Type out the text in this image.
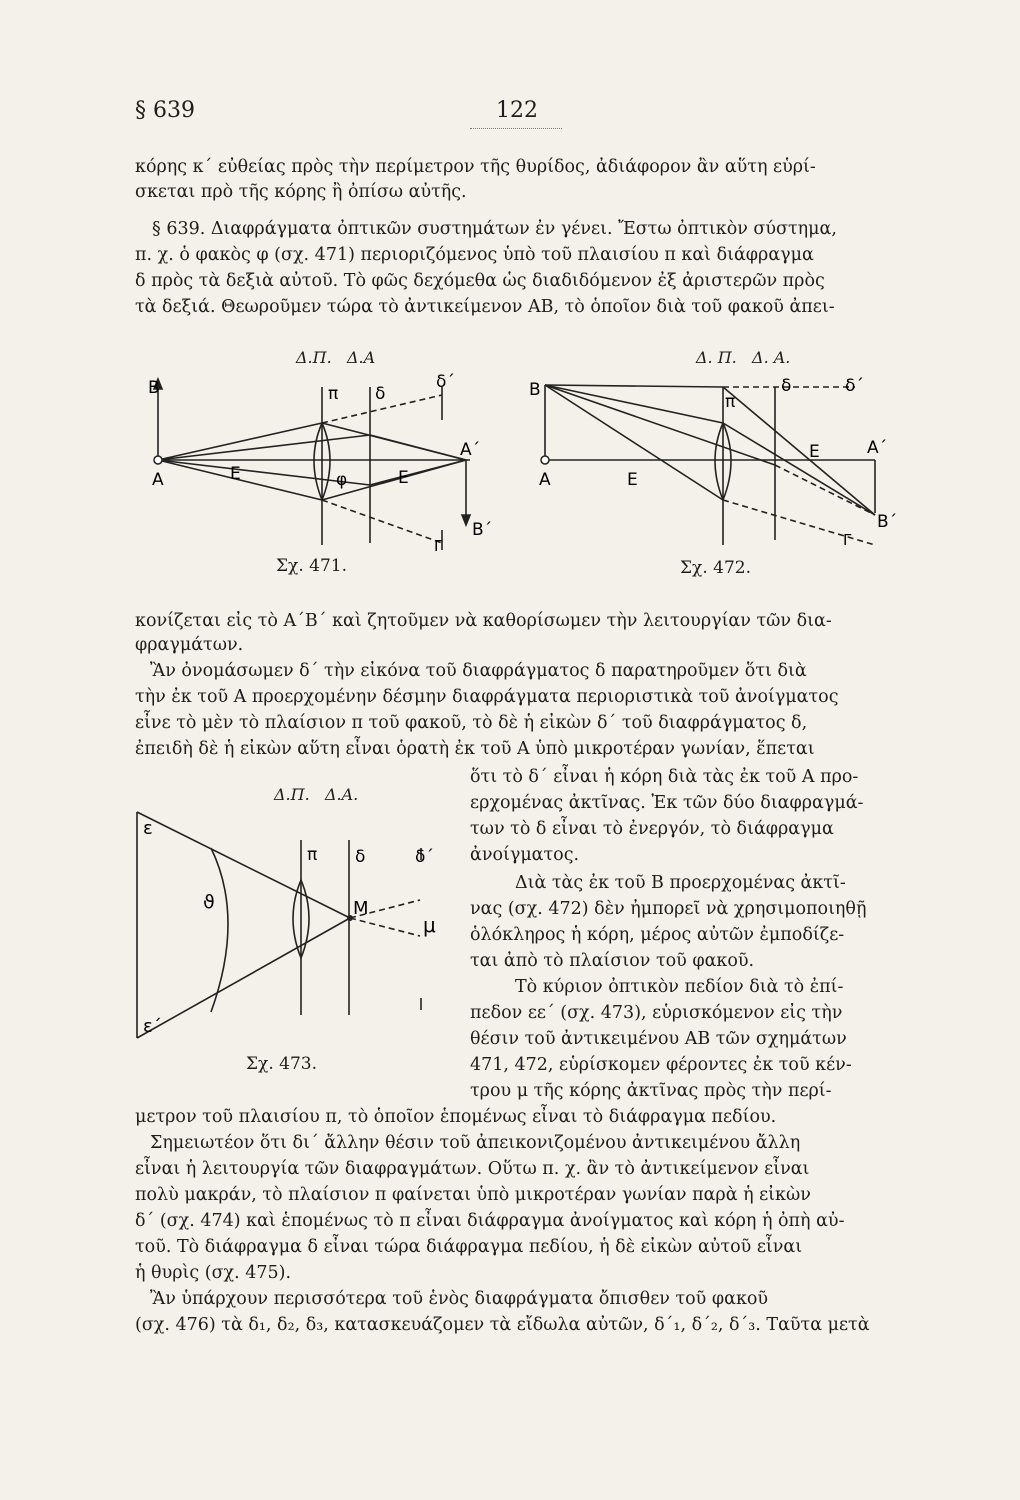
§ 639	122
κόρης κ΄ εὐθείας πρὸς τὴν περίμετρον τῆς θυρίδος, ἀδιάφορον ἂν αὕτη εὑρί-
σκεται πρὸ τῆς κόρης ἢ ὀπίσω αὐτῆς.
§ 639. Διαφράγματα ὀπτικῶν συστημάτων ἐν γένει. Ἔστω ὀπτικὸν σύστημα,
π. χ. ὁ φακὸς φ (σχ. 471) περιοριζόμενος ὑπὸ τοῦ πλαισίου π καὶ διάφραγμα
δ πρὸς τὰ δεξιὰ αὐτοῦ. Τὸ φῶς δεχόμεθα ὡς διαδιδόμενον ἐξ ἀριστερῶν πρὸς
τὰ δεξιά. Θεωροῦμεν τώρα τὸ ἀντικείμενον ΑΒ, τὸ ὁποῖον διὰ τοῦ φακοῦ ἀπει-
Δ.Π.   Δ.Α
B
A	E	E
π δ
δ΄
φ
A΄
B΄
Γ
Σχ. 471.
Δ. Π.   Δ. Α.
B
A	E
E
π
δ	δ΄
A΄
B΄
Γ
Σχ. 472.
κονίζεται εἰς τὸ Α΄Β΄ καὶ ζητοῦμεν νὰ καθορίσωμεν τὴν λειτουργίαν τῶν δια-
φραγμάτων.
Ἂν ὀνομάσωμεν δ΄ τὴν εἰκόνα τοῦ διαφράγματος δ παρατηροῦμεν ὅτι διὰ
τὴν ἐκ τοῦ Α προερχομένην δέσμην διαφράγματα περιοριστικὰ τοῦ ἀνοίγματος
εἶνε τὸ μὲν τὸ πλαίσιον π τοῦ φακοῦ, τὸ δὲ ἡ εἰκὼν δ΄ τοῦ διαφράγματος δ,
ἐπειδὴ δὲ ἡ εἰκὼν αὕτη εἶναι ὁρατὴ ἐκ τοῦ Α ὑπὸ μικροτέραν γωνίαν, ἕπεται
Δ.Π.   Δ.Α.
ε
ε΄
ϑ
π δ	δ΄
M
μ
Σχ. 473.
ὅτι τὸ δ΄ εἶναι ἡ κόρη διὰ τὰς ἐκ τοῦ Α προ-
ερχομένας ἀκτῖνας. Ἐκ τῶν δύο διαφραγμά-
των τὸ δ εἶναι τὸ ἐνεργόν, τὸ διάφραγμα
ἀνοίγματος.
Διὰ τὰς ἐκ τοῦ Β προερχομένας ἀκτῖ-
νας (σχ. 472) δὲν ἠμπορεῖ νὰ χρησιμοποιηθῇ
ὁλόκληρος ἡ κόρη, μέρος αὐτῶν ἐμποδίζε-
ται ἀπὸ τὸ πλαίσιον τοῦ φακοῦ.
Τὸ κύριον ὀπτικὸν πεδίον διὰ τὸ ἐπί-
πεδον εε΄ (σχ. 473), εὑρισκόμενον εἰς τὴν
θέσιν τοῦ ἀντικειμένου ΑΒ τῶν σχημάτων
471, 472, εὑρίσκομεν φέροντες ἐκ τοῦ κέν-
τρου μ τῆς κόρης ἀκτῖνας πρὸς τὴν περί-
μετρον τοῦ πλαισίου π, τὸ ὁποῖον ἑπομένως εἶναι τὸ διάφραγμα πεδίου.
Σημειωτέον ὅτι δι΄ ἄλλην θέσιν τοῦ ἀπεικονιζομένου ἀντικειμένου ἄλλη
εἶναι ἡ λειτουργία τῶν διαφραγμάτων. Οὕτω π. χ. ἂν τὸ ἀντικείμενον εἶναι
πολὺ μακράν, τὸ πλαίσιον π φαίνεται ὑπὸ μικροτέραν γωνίαν παρὰ ἡ εἰκὼν
δ΄ (σχ. 474) καὶ ἑπομένως τὸ π εἶναι διάφραγμα ἀνοίγματος καὶ κόρη ἡ ὀπὴ αὐ-
τοῦ. Τὸ διάφραγμα δ εἶναι τώρα διάφραγμα πεδίου, ἡ δὲ εἰκὼν αὐτοῦ εἶναι
ἡ θυρὶς (σχ. 475).
Ἂν ὑπάρχουν περισσότερα τοῦ ἑνὸς διαφράγματα ὄπισθεν τοῦ φακοῦ
(σχ. 476) τὰ δ₁, δ₂, δ₃, κατασκευάζομεν τὰ εἴδωλα αὐτῶν, δ΄₁, δ΄₂, δ΄₃. Ταῦτα μετὰ
